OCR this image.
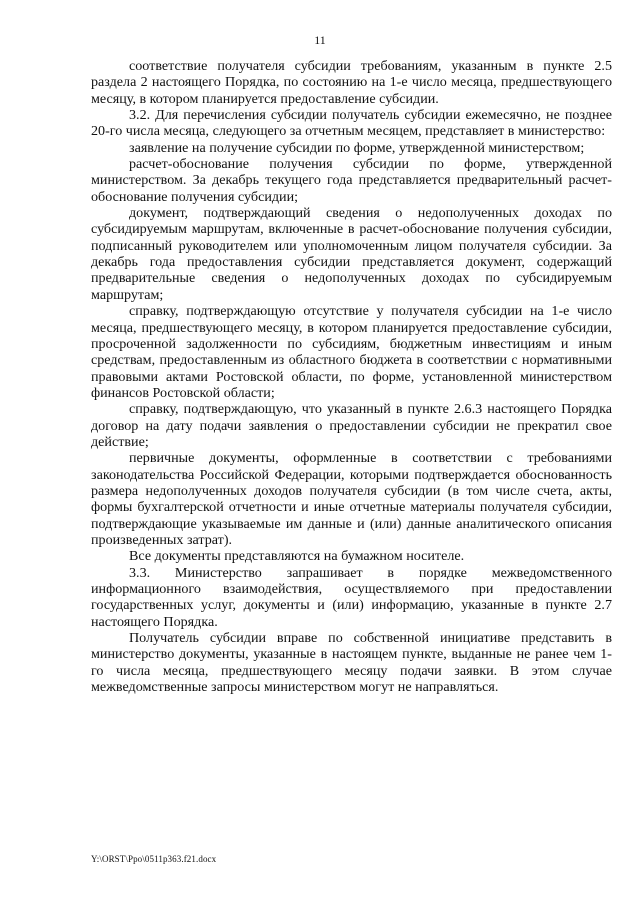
11

соответствие получателя субсидии требованиям, указанным в пункте 2.5 раздела 2 настоящего Порядка, по состоянию на 1-е число месяца, предшествующего месяцу, в котором планируется предоставление субсидии.

3.2. Для перечисления субсидии получатель субсидии ежемесячно, не позднее 20-го числа месяца, следующего за отчетным месяцем, представляет в министерство:

заявление на получение субсидии по форме, утвержденной министерством;

расчет-обоснование получения субсидии по форме, утвержденной министерством. За декабрь текущего года представляется предварительный расчет-обоснование получения субсидии;

документ, подтверждающий сведения о недополученных доходах по субсидируемым маршрутам, включенные в расчет-обоснование получения субсидии, подписанный руководителем или уполномоченным лицом получателя субсидии. За декабрь года предоставления субсидии представляется документ, содержащий предварительные сведения о недополученных доходах по субсидируемым маршрутам;

справку, подтверждающую отсутствие у получателя субсидии на 1-е число месяца, предшествующего месяцу, в котором планируется предоставление субсидии, просроченной задолженности по субсидиям, бюджетным инвестициям и иным средствам, предоставленным из областного бюджета в соответствии с нормативными правовыми актами Ростовской области, по форме, установленной министерством финансов Ростовской области;

справку, подтверждающую, что указанный в пункте 2.6.3 настоящего Порядка договор на дату подачи заявления о предоставлении субсидии не прекратил свое действие;

первичные документы, оформленные в соответствии с требованиями законодательства Российской Федерации, которыми подтверждается обоснованность размера недополученных доходов получателя субсидии (в том числе счета, акты, формы бухгалтерской отчетности и иные отчетные материалы получателя субсидии, подтверждающие указываемые им данные и (или) данные аналитического описания произведенных затрат).

Все документы представляются на бумажном носителе.

3.3. Министерство запрашивает в порядке межведомственного информационного взаимодействия, осуществляемого при предоставлении государственных услуг, документы и (или) информацию, указанные в пункте 2.7 настоящего Порядка.

Получатель субсидии вправе по собственной инициативе представить в министерство документы, указанные в настоящем пункте, выданные не ранее чем 1-го числа месяца, предшествующего месяцу подачи заявки. В этом случае межведомственные запросы министерством могут не направляться.

Y:\ORST\Ppo\0511p363.f21.docx
